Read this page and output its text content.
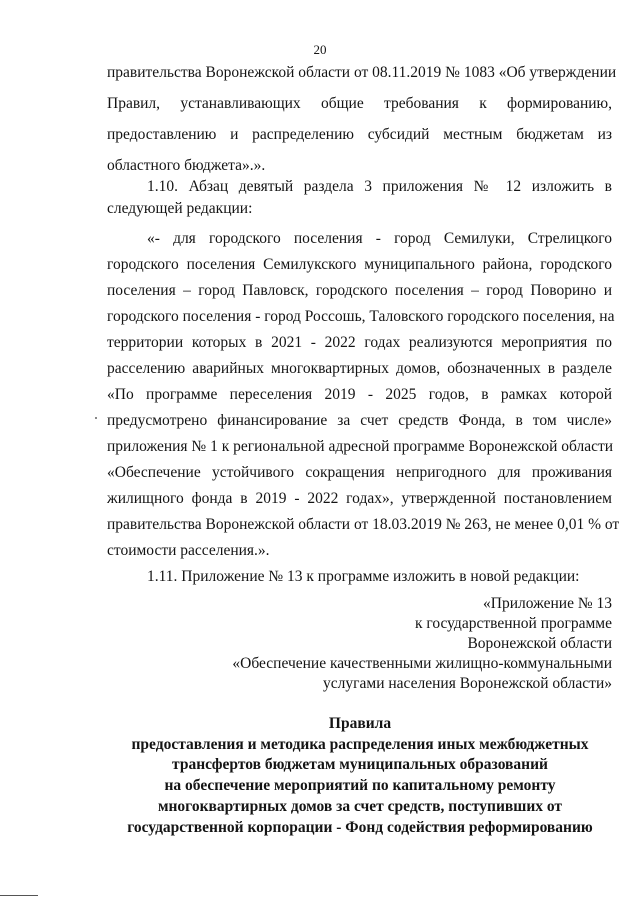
20
правительства Воронежской области от 08.11.2019 № 1083 «Об утверждении
Правил, устанавливающих общие требования к формированию,
предоставлению и распределению субсидий местным бюджетам из
областного бюджета».».
1.10. Абзац девятый раздела 3 приложения № 12 изложить в
следующей редакции:
«- для городского поселения - город Семилуки, Стрелицкого
городского поселения Семилукского муниципального района, городского
поселения – город Павловск, городского поселения – город Поворино и
городского поселения - город Россошь, Таловского городского поселения, на
территории которых в 2021 - 2022 годах реализуются мероприятия по
расселению аварийных многоквартирных домов, обозначенных в разделе
«По программе переселения 2019 - 2025 годов, в рамках которой
предусмотрено финансирование за счет средств Фонда, в том числе»
приложения № 1 к региональной адресной программе Воронежской области
«Обеспечение устойчивого сокращения непригодного для проживания
жилищного фонда в 2019 - 2022 годах», утвержденной постановлением
правительства Воронежской области от 18.03.2019 № 263, не менее 0,01 % от
стоимости расселения.».
1.11. Приложение № 13 к программе изложить в новой редакции:
«Приложение № 13
к государственной программе
Воронежской области
«Обеспечение качественными жилищно-коммунальными
услугами населения Воронежской области»
Правила
предоставления и методика распределения иных межбюджетных
трансфертов бюджетам муниципальных образований
на обеспечение мероприятий по капитальному ремонту
многоквартирных домов за счет средств, поступивших от
государственной корпорации - Фонд содействия реформированию
